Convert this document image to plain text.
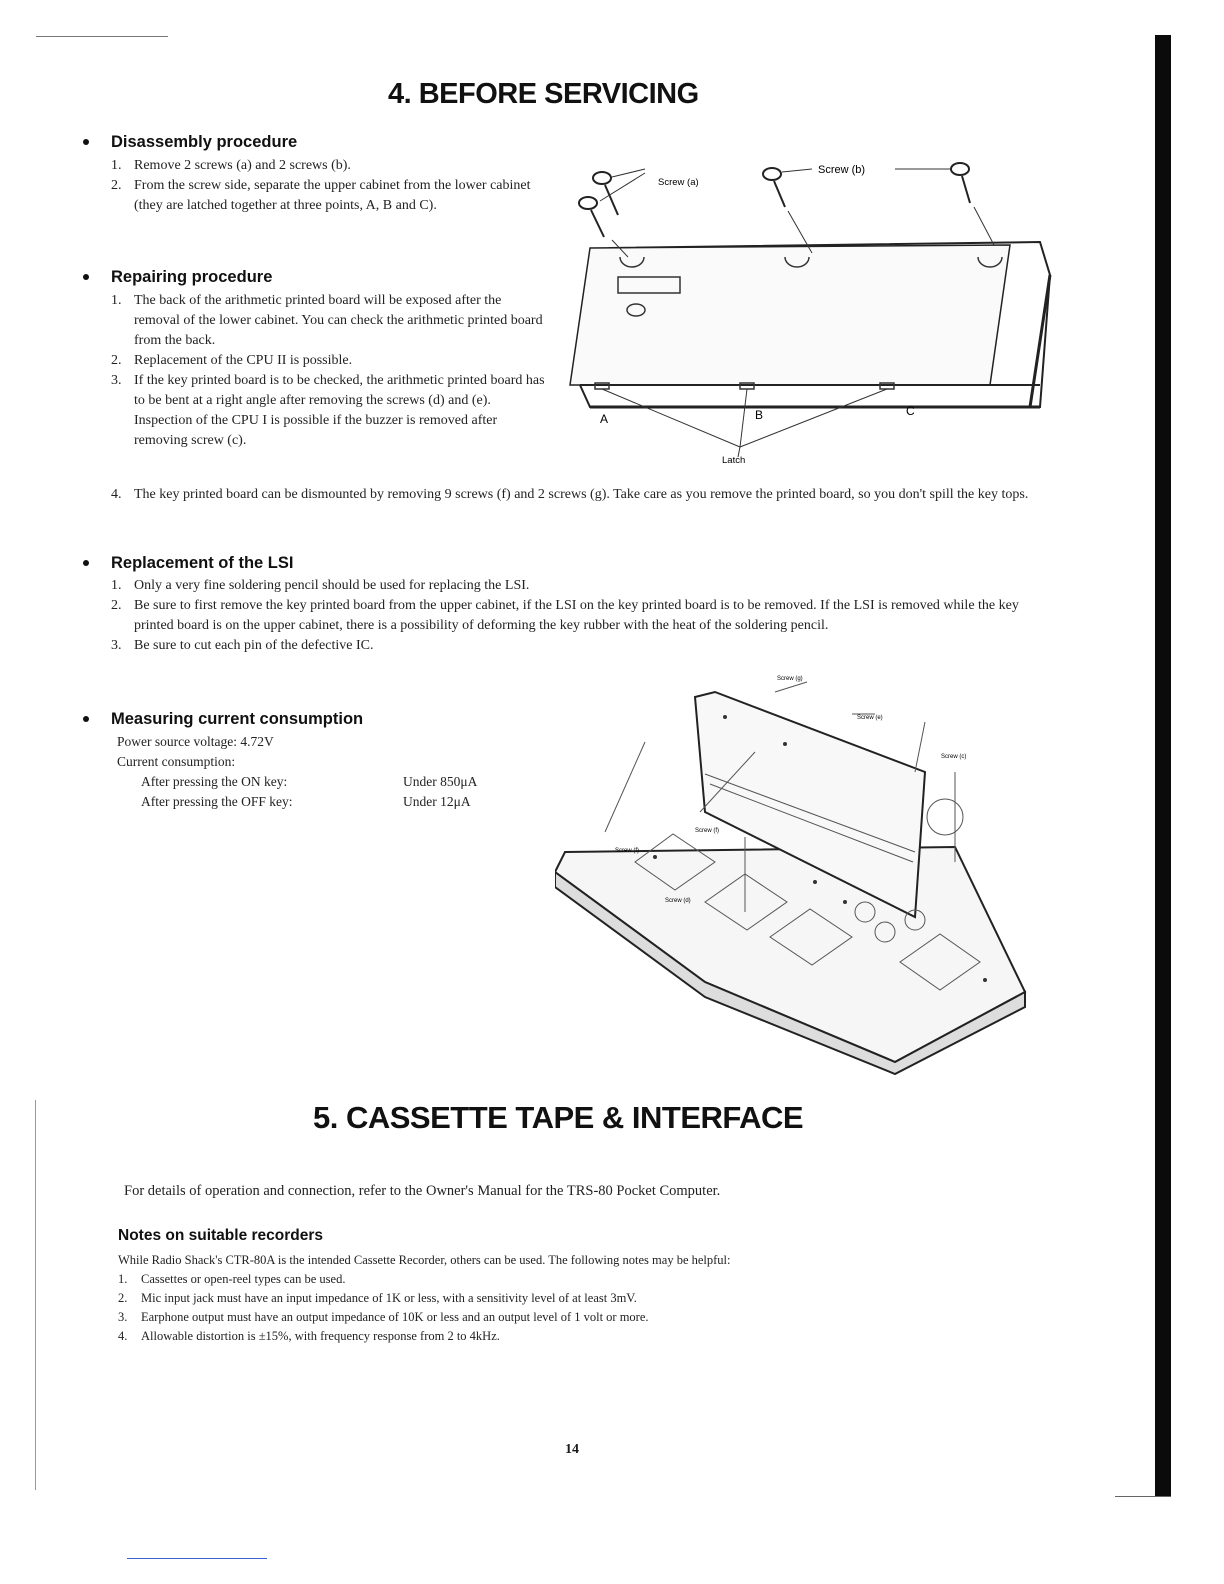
4. BEFORE SERVICING
Disassembly procedure
1. Remove 2 screws (a) and 2 screws (b).
2. From the screw side, separate the upper cabinet from the lower cabinet (they are latched together at three points, A, B and C).
Repairing procedure
1. The back of the arithmetic printed board will be exposed after the removal of the lower cabinet. You can check the arithmetic printed board from the back.
2. Replacement of the CPU II is possible.
3. If the key printed board is to be checked, the arithmetic printed board has to be bent at a right angle after removing the screws (d) and (e). Inspection of the CPU I is possible if the buzzer is removed after removing screw (c).
4. The key printed board can be dismounted by removing 9 screws (f) and 2 screws (g). Take care as you remove the printed board, so you don't spill the key tops.
Replacement of the LSI
1. Only a very fine soldering pencil should be used for replacing the LSI.
2. Be sure to first remove the key printed board from the upper cabinet, if the LSI on the key printed board is to be removed. If the LSI is removed while the key printed board is on the upper cabinet, there is a possibility of deforming the key rubber with the heat of the soldering pencil.
3. Be sure to cut each pin of the defective IC.
Measuring current consumption
Power source voltage: 4.72V
Current consumption:
After pressing the ON key:	Under 850μA
After pressing the OFF key:	Under 12μA
Screw (a)
Screw (b)
A	B	C
Latch
Screw (g)
Screw (e)
Screw (c)
Screw (f)
Screw (f)
Screw (d)
5. CASSETTE TAPE & INTERFACE
For details of operation and connection, refer to the Owner's Manual for the TRS-80 Pocket Computer.
Notes on suitable recorders
While Radio Shack's CTR-80A is the intended Cassette Recorder, others can be used. The following notes may be helpful:
1. Cassettes or open-reel types can be used.
2. Mic input jack must have an input impedance of 1K or less, with a sensitivity level of at least 3mV.
3. Earphone output must have an output impedance of 10K or less and an output level of 1 volt or more.
4. Allowable distortion is ±15%, with frequency response from 2 to 4kHz.
14
